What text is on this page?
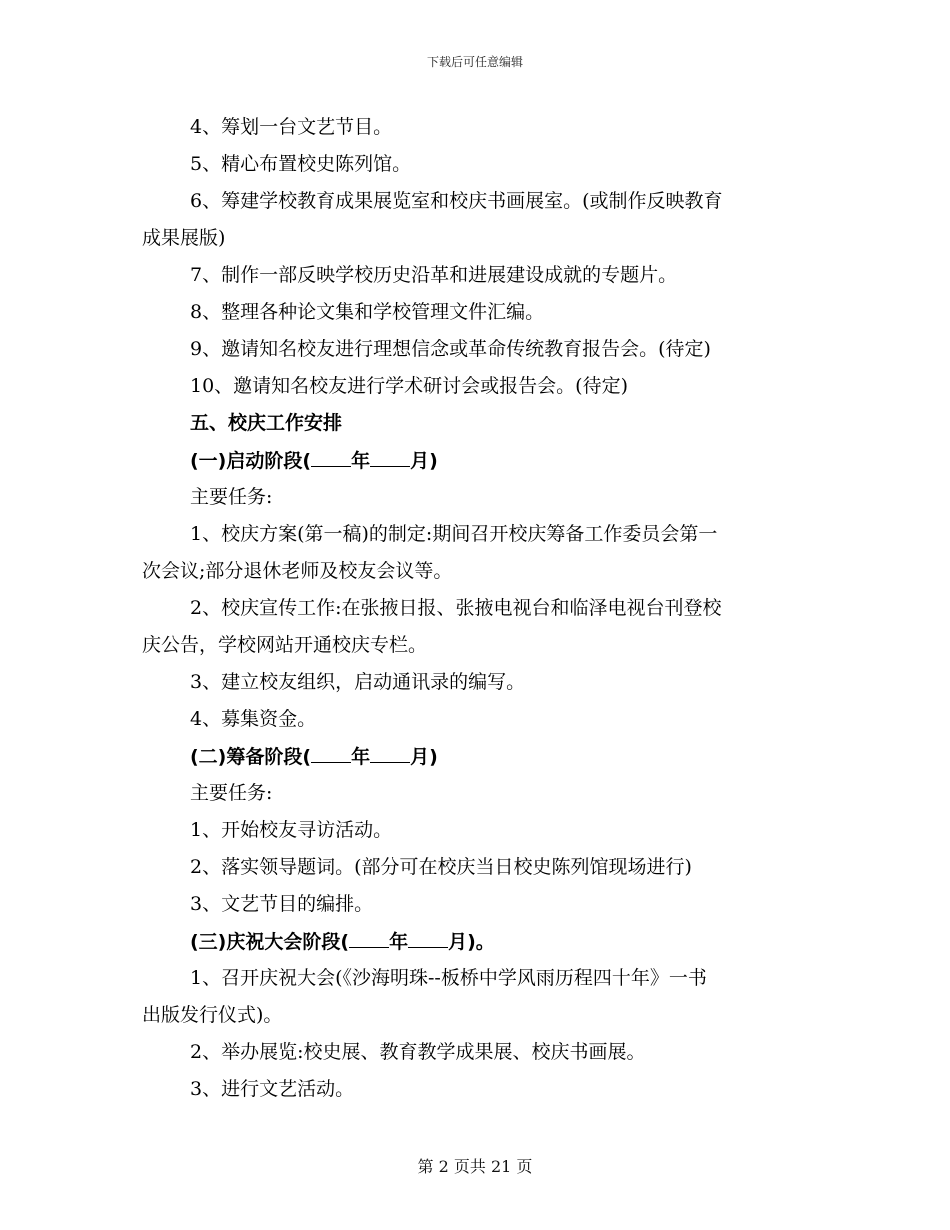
下载后可任意编辑
4、筹划一台文艺节目。
5、精心布置校史陈列馆。
6、筹建学校教育成果展览室和校庆书画展室。(或制作反映教育
成果展版)
7、制作一部反映学校历史沿革和进展建设成就的专题片。
8、整理各种论文集和学校管理文件汇编。
9、邀请知名校友进行理想信念或革命传统教育报告会。(待定)
10、邀请知名校友进行学术研讨会或报告会。(待定)
五、校庆工作安排
(一)启动阶段( 年 月)
主要任务:
1、校庆方案(第一稿)的制定:期间召开校庆筹备工作委员会第一
次会议;部分退休老师及校友会议等。
2、校庆宣传工作:在张掖日报、张掖电视台和临泽电视台刊登校
庆公告，学校网站开通校庆专栏。
3、建立校友组织，启动通讯录的编写。
4、募集资金。
(二)筹备阶段( 年 月)
主要任务:
1、开始校友寻访活动。
2、落实领导题词。(部分可在校庆当日校史陈列馆现场进行)
3、文艺节目的编排。
(三)庆祝大会阶段( 年 月)。
1、召开庆祝大会(《沙海明珠--板桥中学风雨历程四十年》一书
出版发行仪式)。
2、举办展览:校史展、教育教学成果展、校庆书画展。
3、进行文艺活动。
第 2 页共 21 页
